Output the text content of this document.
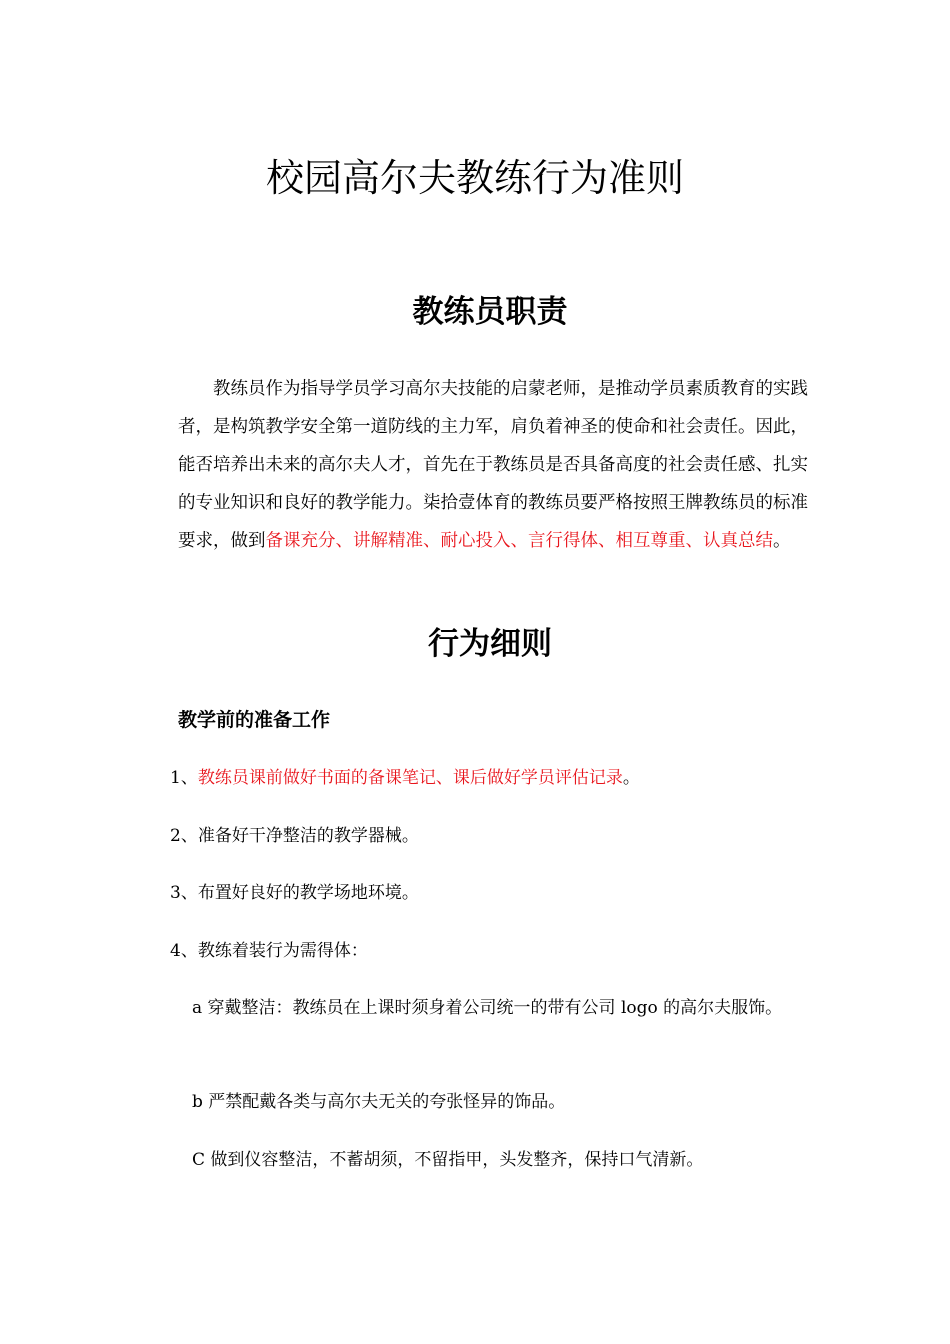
校园高尔夫教练行为准则
教练员职责

教练员作为指导学员学习高尔夫技能的启蒙老师，是推动学员素质教育的实践者，是构筑教学安全第一道防线的主力军，肩负着神圣的使命和社会责任。因此，能否培养出未来的高尔夫人才，首先在于教练员是否具备高度的社会责任感、扎实的专业知识和良好的教学能力。柒拾壹体育的教练员要严格按照王牌教练员的标准要求，做到备课充分、讲解精准、耐心投入、言行得体、相互尊重、认真总结。

行为细则
教学前的准备工作

1、教练员课前做好书面的备课笔记、课后做好学员评估记录。

2、准备好干净整洁的教学器械。

3、布置好良好的教学场地环境。

4、教练着装行为需得体：

a 穿戴整洁：教练员在上课时须身着公司统一的带有公司 logo 的高尔夫服饰。

b 严禁配戴各类与高尔夫无关的夸张怪异的饰品。

C 做到仪容整洁，不蓄胡须，不留指甲，头发整齐，保持口气清新。
